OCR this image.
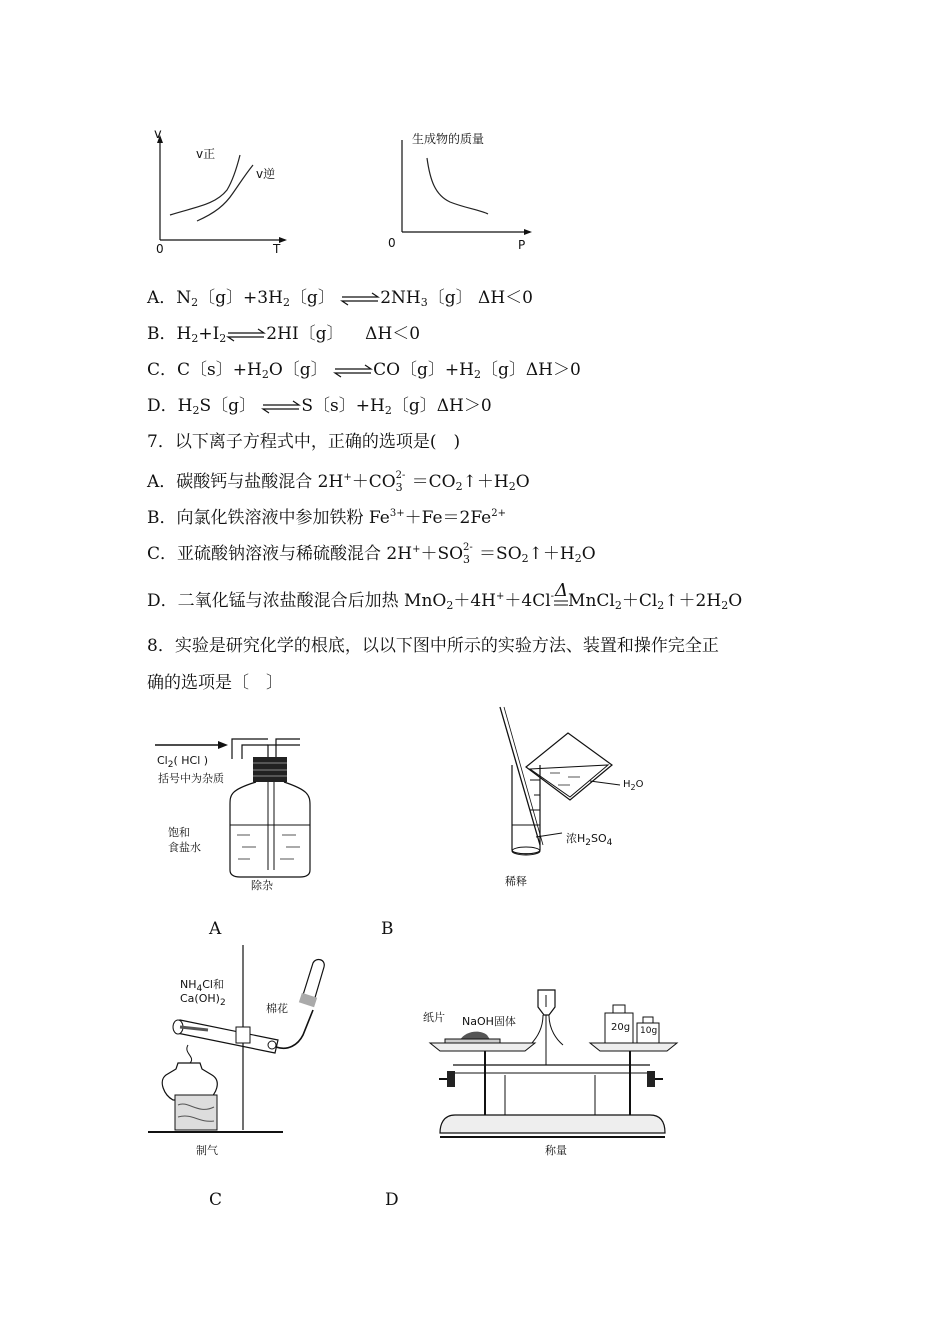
v
0	T
v正
v逆
生成物的质量
0	P
A．$N_2$〔g〕$+3H_2$〔g〕 $\rightleftharpoons 2NH_3$〔g〕 ΔH＜0
B．$H_2+I_2\rightleftharpoons 2HI$〔g〕 ΔH＜0
C．C〔s〕$+H_2O$〔g〕 ⇌CO〔g〕$+H_2$〔g〕ΔH＞0
D．$H_2S$〔g〕 ⇌S〔s〕$+H_2$〔g〕ΔH＞0
7．以下离子方程式中，正确的选项是(　)
A．碳酸钙与盐酸混合 2H+＋CO 2-
$3 =CO_2↑+H_2O$
B．向氯化铁溶液中参加铁粉 $Fe^{3+}+Fe=2Fe^{2+}$
C．亚硫酸钠溶液与稀硫酸混合 2H+＋SO 2-
$3 =SO_2↑+H_2O$
D．二氧化锰与浓盐酸混合后加热 MnO$_2$＋4H+＋4Cl- Δ $MnCl_2+Cl_2↑+2H_2O$
8．实验是研究化学的根底，以以下图中所示的实验方法、装置和操作完全正
确的选项是〔　〕
$Cl_2$( HCl )
括号中为杂质
饱和
食盐水
除杂
$H_2O$
浓$H_2SO_4$
稀释
A	B
$NH_4Cl$和
$Ca(OH)_2$	棉花
制气
纸片 NaOH固体	20g 10g
称量
C	D
